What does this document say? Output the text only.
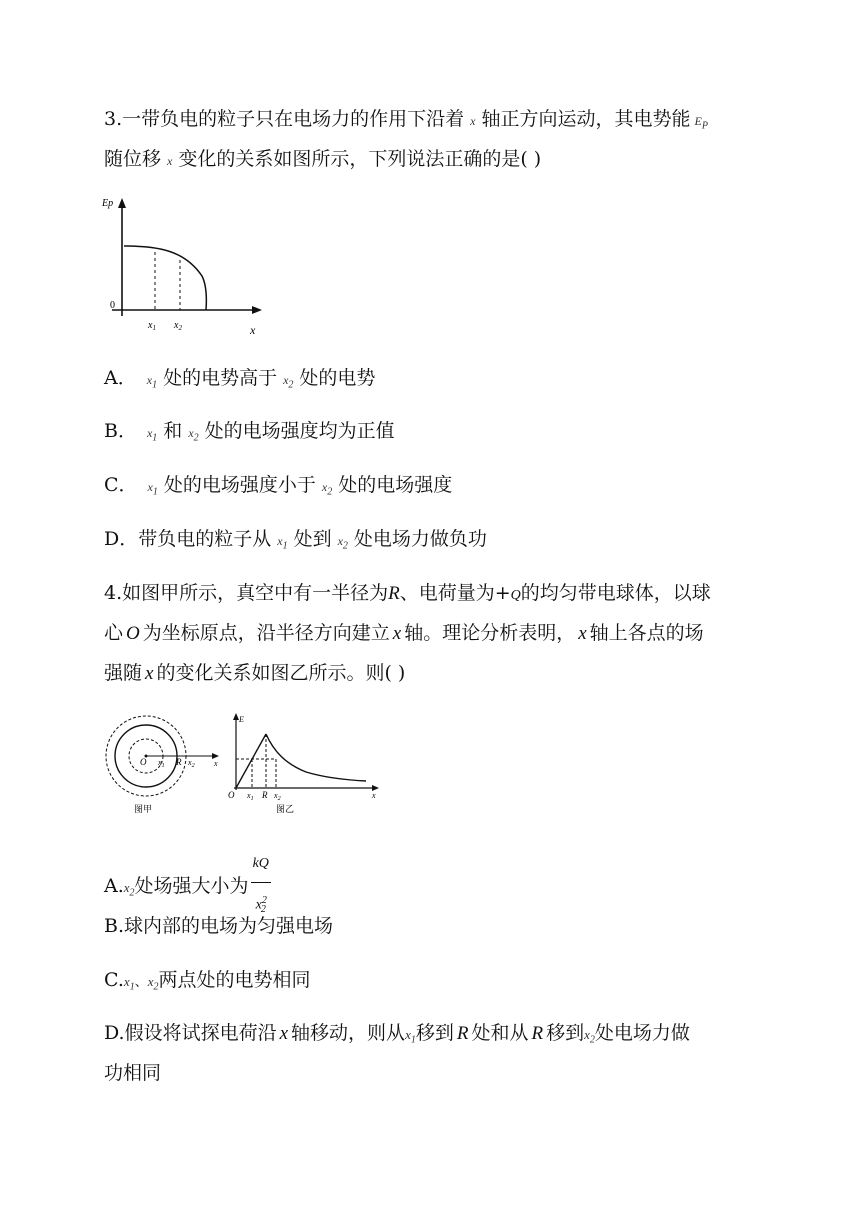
3.一带负电的粒子只在电场力的作用下沿着 x 轴正方向运动，其电势能 $E_P$
随位移 x 变化的关系如图所示，下列说法正确的是( )
Ep
0
$x_1$ $x_2$	x
A． $x_1$ 处的电势高于 $x_2$ 处的电势
B． $x_1$ 和 $x_2$ 处的电场强度均为正值
C． $x_1$ 处的电场强度小于 $x_2$ 处的电场强度
D．带负电的粒子从 $x_1$ 处到 $x_2$ 处电场力做负功
4.如图甲所示，真空中有一半径为R、电荷量为+Q的均匀带电球体，以球
心 O 为坐标原点，沿半径方向建立 x 轴。理论分析表明， x 轴上各点的场
强随 x 的变化关系如图乙所示。则( )
O $x_1$ R $x_2$ x
图甲
E
O $x_1$ R $x_2$	x
图乙
$A.x_2$处场强大小为 $\frac{kQ}{x^2_2}$
B.球内部的电场为匀强电场
$C.x_1$、$x_2$两点处的电势相同
D.假设将试探电荷沿 x 轴移动，则从$x_1$移到 R 处和从 R 移到$x_2$处电场力做
功相同
